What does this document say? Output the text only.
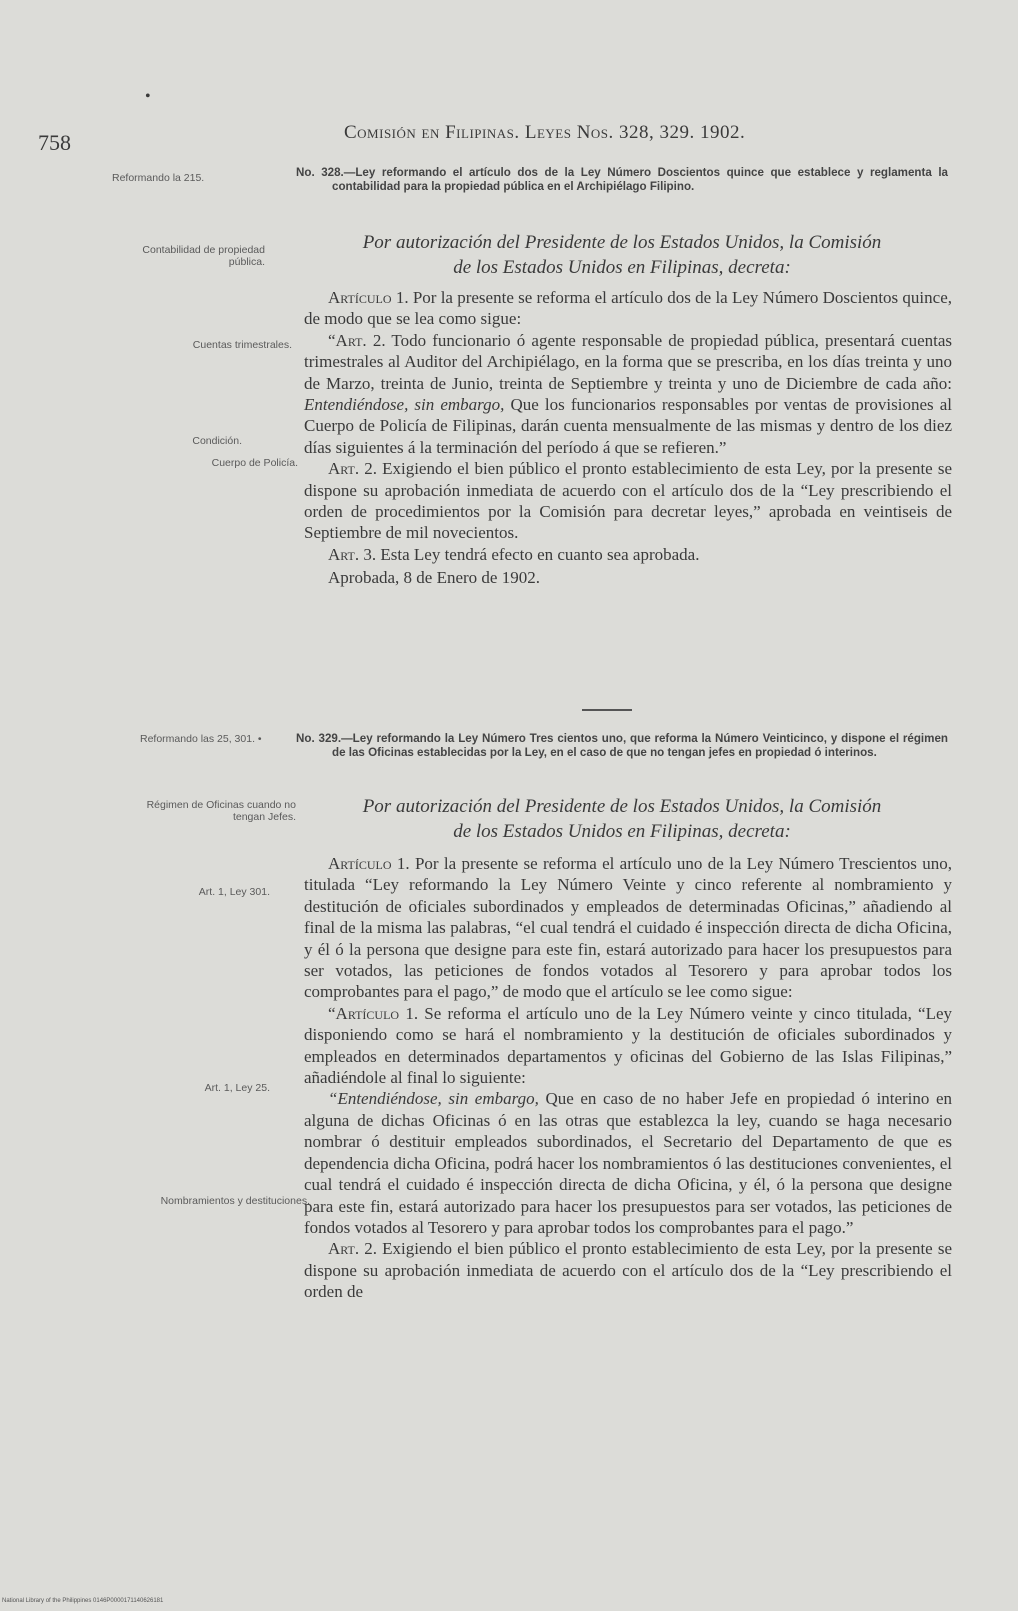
•
758	Comisión en Filipinas. Leyes Nos. 328, 329. 1902.
Reformando la 215.	No. 328.—Ley reformando el artículo dos de la Ley Número Doscientos quince que establece y reglamenta la contabilidad para la propiedad pública en el Archipiélago Filipino.
Contabilidad de propiedad pública.
Por autorización del Presidente de los Estados Unidos, la Comisión
de los Estados Unidos en Filipinas, decreta:
Cuentas trimestrales.
Condición.
Cuerpo de Policía.

Artículo 1. Por la presente se reforma el artículo dos de la Ley Número Doscientos quince, de modo que se lea como sigue:

“Art. 2. Todo funcionario ó agente responsable de propiedad pública, presentará cuentas trimestrales al Auditor del Archipiélago, en la forma que se prescriba, en los días treinta y uno de Marzo, treinta de Junio, treinta de Septiembre y treinta y uno de Diciembre de cada año: Entendiéndose, sin embargo, Que los funcionarios responsables por ventas de provisiones al Cuerpo de Policía de Filipinas, darán cuenta mensualmente de las mismas y dentro de los diez días siguientes á la terminación del período á que se refieren.”

Art. 2. Exigiendo el bien público el pronto establecimiento de esta Ley, por la presente se dispone su aprobación inmediata de acuerdo con el artículo dos de la “Ley prescribiendo el orden de procedimientos por la Comisión para decretar leyes,” aprobada en veintiseis de Septiembre de mil novecientos.

Art. 3. Esta Ley tendrá efecto en cuanto sea aprobada.

Aprobada, 8 de Enero de 1902.

Reformando las 25, 301. •	No. 329.—Ley reformando la Ley Número Tres cientos uno, que reforma la Número Veinticinco, y dispone el régimen de las Oficinas establecidas por la Ley, en el caso de que no tengan jefes en propiedad ó interinos.
Régimen de Oficinas cuando no tengan Jefes.	Por autorización del Presidente de los Estados Unidos, la Comisión
de los Estados Unidos en Filipinas, decreta:
Art. 1, Ley 301.
Art. 1, Ley 25.
Nombramientos y destituciones.

Artículo 1. Por la presente se reforma el artículo uno de la Ley Número Trescientos uno, titulada “Ley reformando la Ley Número Veinte y cinco referente al nombramiento y destitución de oficiales subordinados y empleados de determinadas Oficinas,” añadiendo al final de la misma las palabras, “el cual tendrá el cuidado é inspección directa de dicha Oficina, y él ó la persona que designe para este fin, estará autorizado para hacer los presupuestos para ser votados, las peticiones de fondos votados al Tesorero y para aprobar todos los comprobantes para el pago,” de modo que el artículo se lee como sigue:

“Artículo 1. Se reforma el artículo uno de la Ley Número veinte y cinco titulada, “Ley disponiendo como se hará el nombramiento y la destitución de oficiales subordinados y empleados en determinados departamentos y oficinas del Gobierno de las Islas Filipinas,” añadiéndole al final lo siguiente:

“Entendiéndose, sin embargo, Que en caso de no haber Jefe en propiedad ó interino en alguna de dichas Oficinas ó en las otras que establezca la ley, cuando se haga necesario nombrar ó destituir empleados subordinados, el Secretario del Departamento de que es dependencia dicha Oficina, podrá hacer los nombramientos ó las destituciones convenientes, el cual tendrá el cuidado é inspección directa de dicha Oficina, y él, ó la persona que designe para este fin, estará autorizado para hacer los presupuestos para ser votados, las peticiones de fondos votados al Tesorero y para aprobar todos los comprobantes para el pago.”

Art. 2. Exigiendo el bien público el pronto establecimiento de esta Ley, por la presente se dispone su aprobación inmediata de acuerdo con el artículo dos de la “Ley prescribiendo el orden de

National Library of the Philippines 0146P0000171140626181
